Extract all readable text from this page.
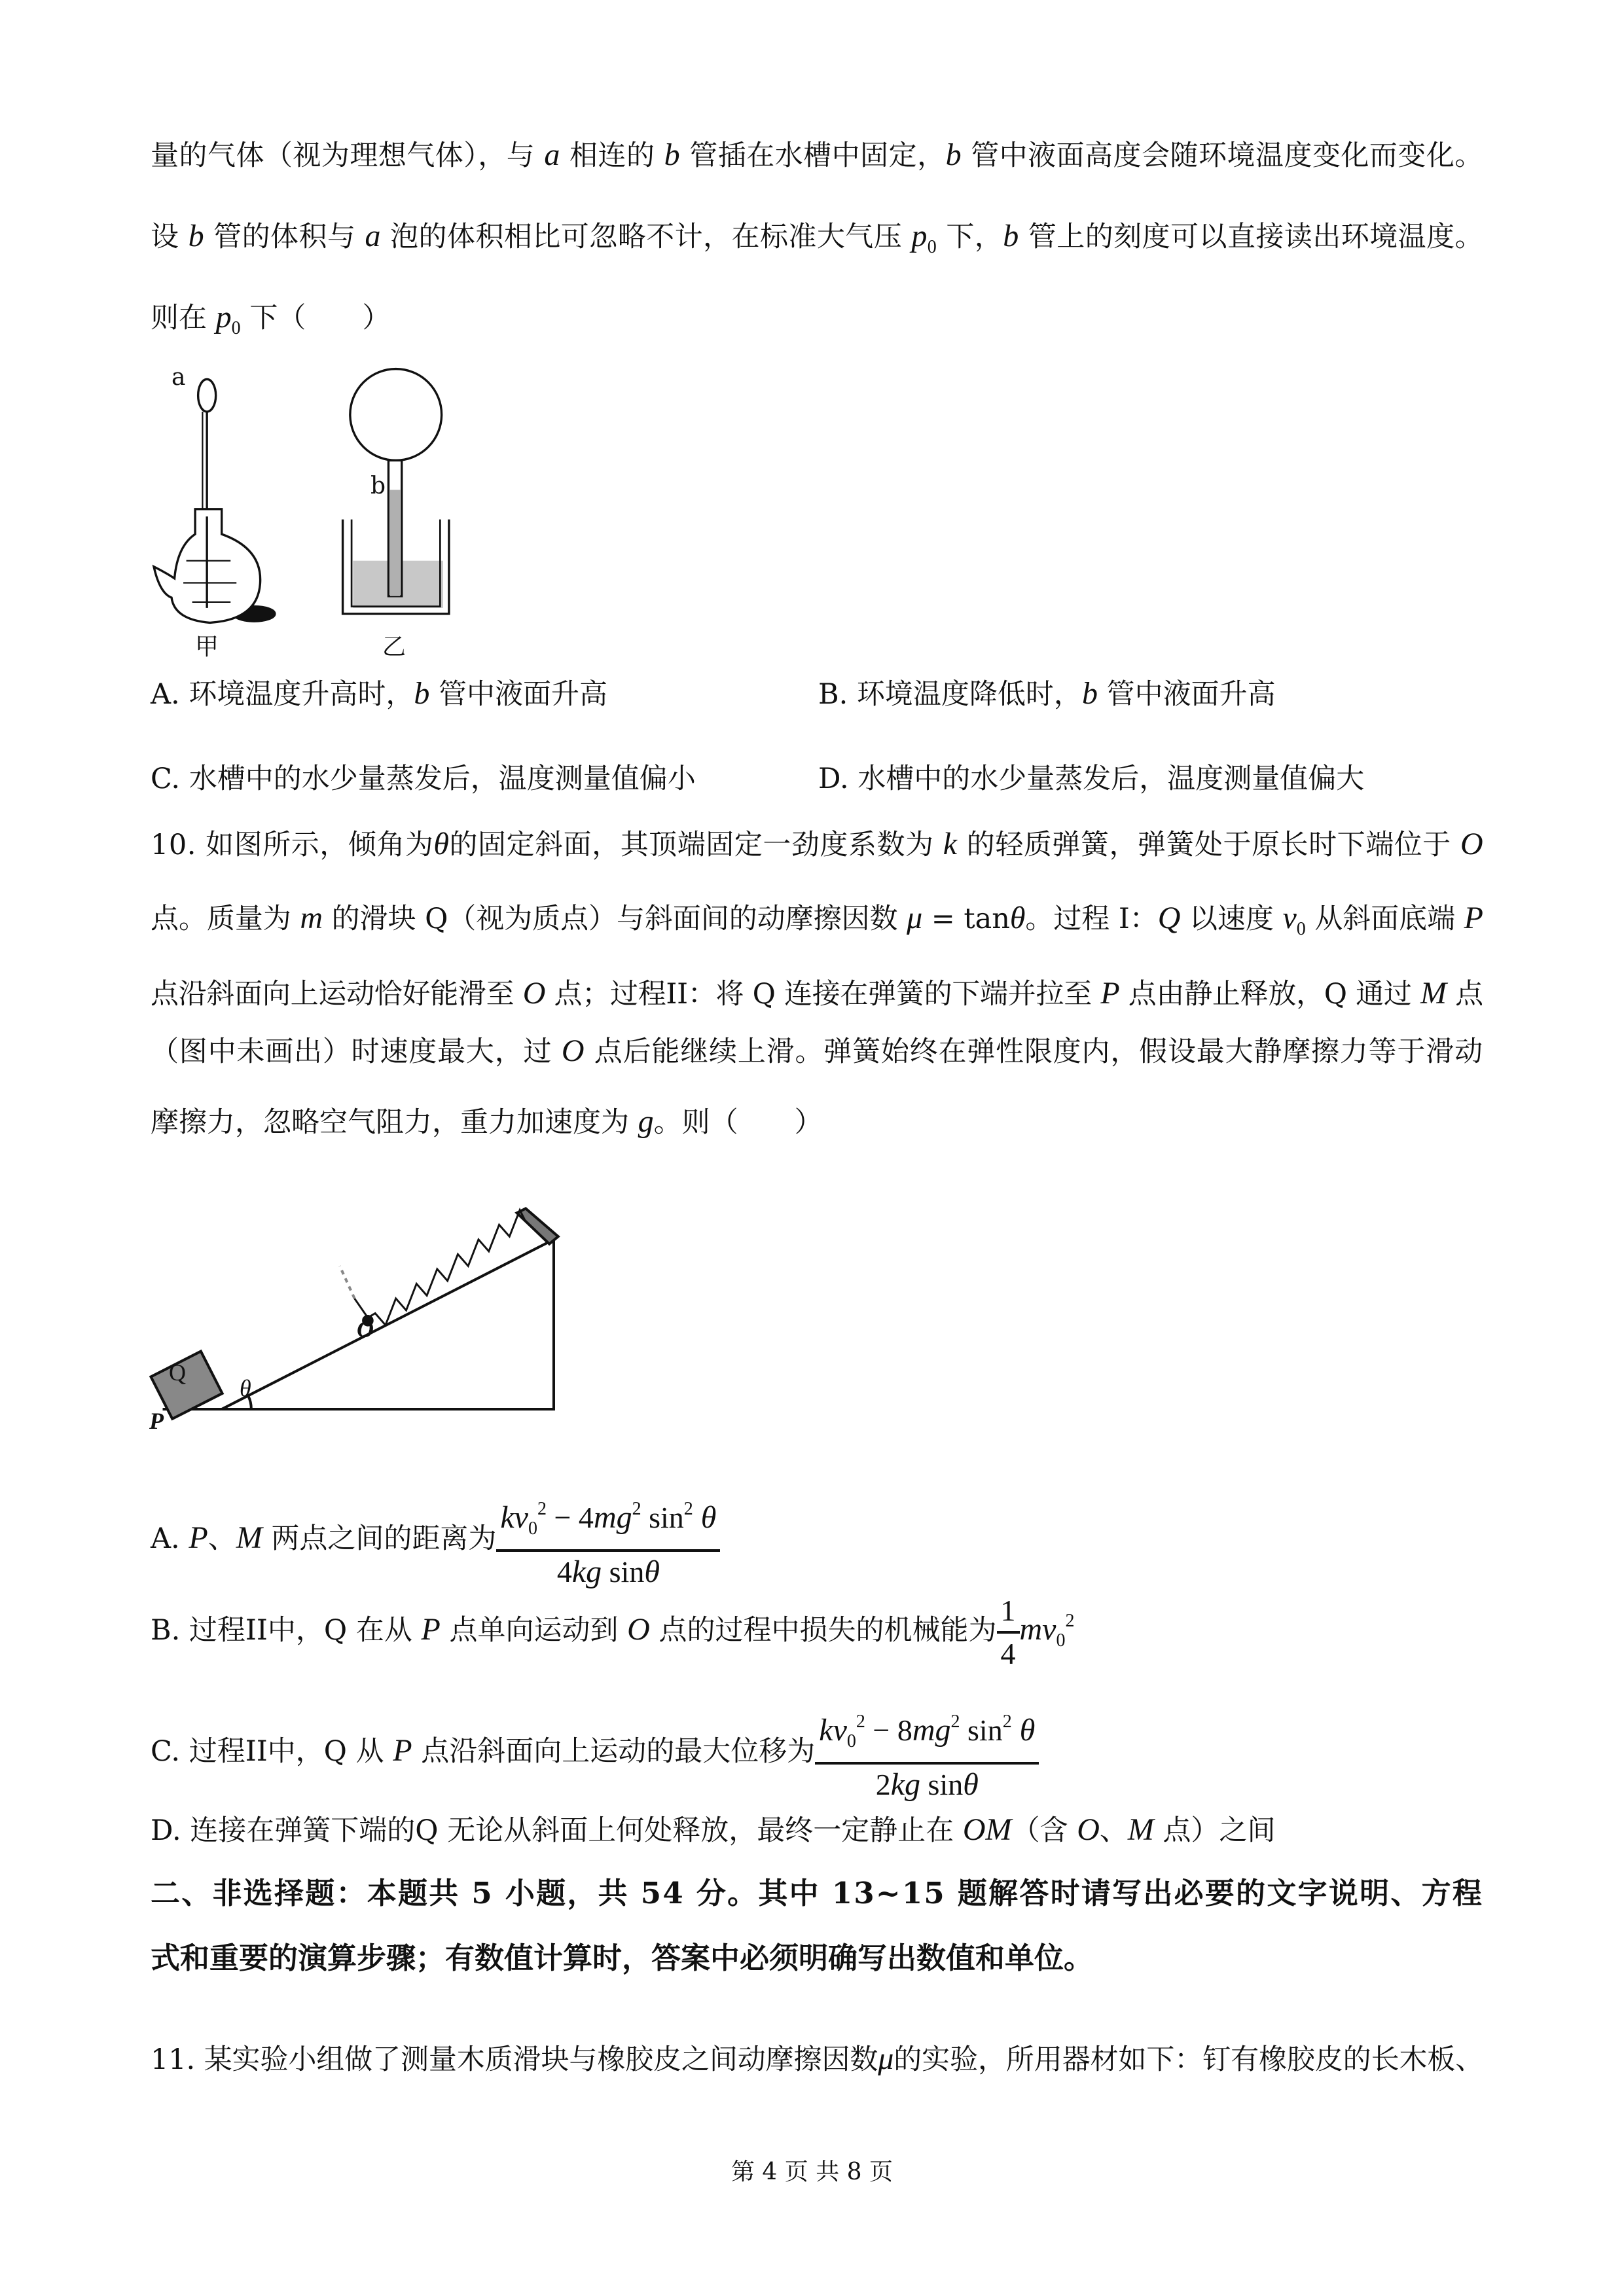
a
b
甲	乙
Q
θ
O
P
量的气体（视为理想气体），与 a 相连的 b 管插在水槽中固定，b 管中液面高度会随环境温度变化而变化。
设 b 管的体积与 a 泡的体积相比可忽略不计，在标准大气压 $p_0$ 下，b 管上的刻度可以直接读出环境温度。
则在 $p_0$ 下（　　）
A. 环境温度升高时，b 管中液面升高	B. 环境温度降低时，b 管中液面升高
C. 水槽中的水少量蒸发后，温度测量值偏小	D. 水槽中的水少量蒸发后，温度测量值偏大
10. 如图所示，倾角为θ的固定斜面，其顶端固定一劲度系数为 k 的轻质弹簧，弹簧处于原长时下端位于 O
点。质量为 m 的滑块 Q（视为质点）与斜面间的动摩擦因数 μ = tanθ。过程 I：Q 以速度 $v_0$ 从斜面底端 P
点沿斜面向上运动恰好能滑至 O 点；过程II：将 Q 连接在弹簧的下端并拉至 P 点由静止释放，Q 通过 M 点
（图中未画出）时速度最大，过 O 点后能继续上滑。弹簧始终在弹性限度内，假设最大静摩擦力等于滑动
摩擦力，忽略空气阻力，重力加速度为 g。则（　　）
A. P、M 两点之间的距离为 $\frac{kv_0^2 - 4mg^2 \sin^2 \theta}{\text{4kg sinθ}}$
B. 过程II中，Q 在从 P 点单向运动到 O 点的过程中损失的机械能为 $\frac{1}{4} mv_0^2$
C. 过程II中，Q 从 P 点沿斜面向上运动的最大位移为 $\frac{kv_0^2 - 8mg^2 \sin^2 \theta}{\text{2kg sinθ}}$
D. 连接在弹簧下端的Q 无论从斜面上何处释放，最终一定静止在 OM（含 O、M 点）之间
二、非选择题：本题共 5 小题，共 54 分。其中 13~15 题解答时请写出必要的文字说明、方程
式和重要的演算步骤；有数值计算时，答案中必须明确写出数值和单位。
11. 某实验小组做了测量木质滑块与橡胶皮之间动摩擦因数μ的实验，所用器材如下：钉有橡胶皮的长木板、
第 4 页 共 8 页
